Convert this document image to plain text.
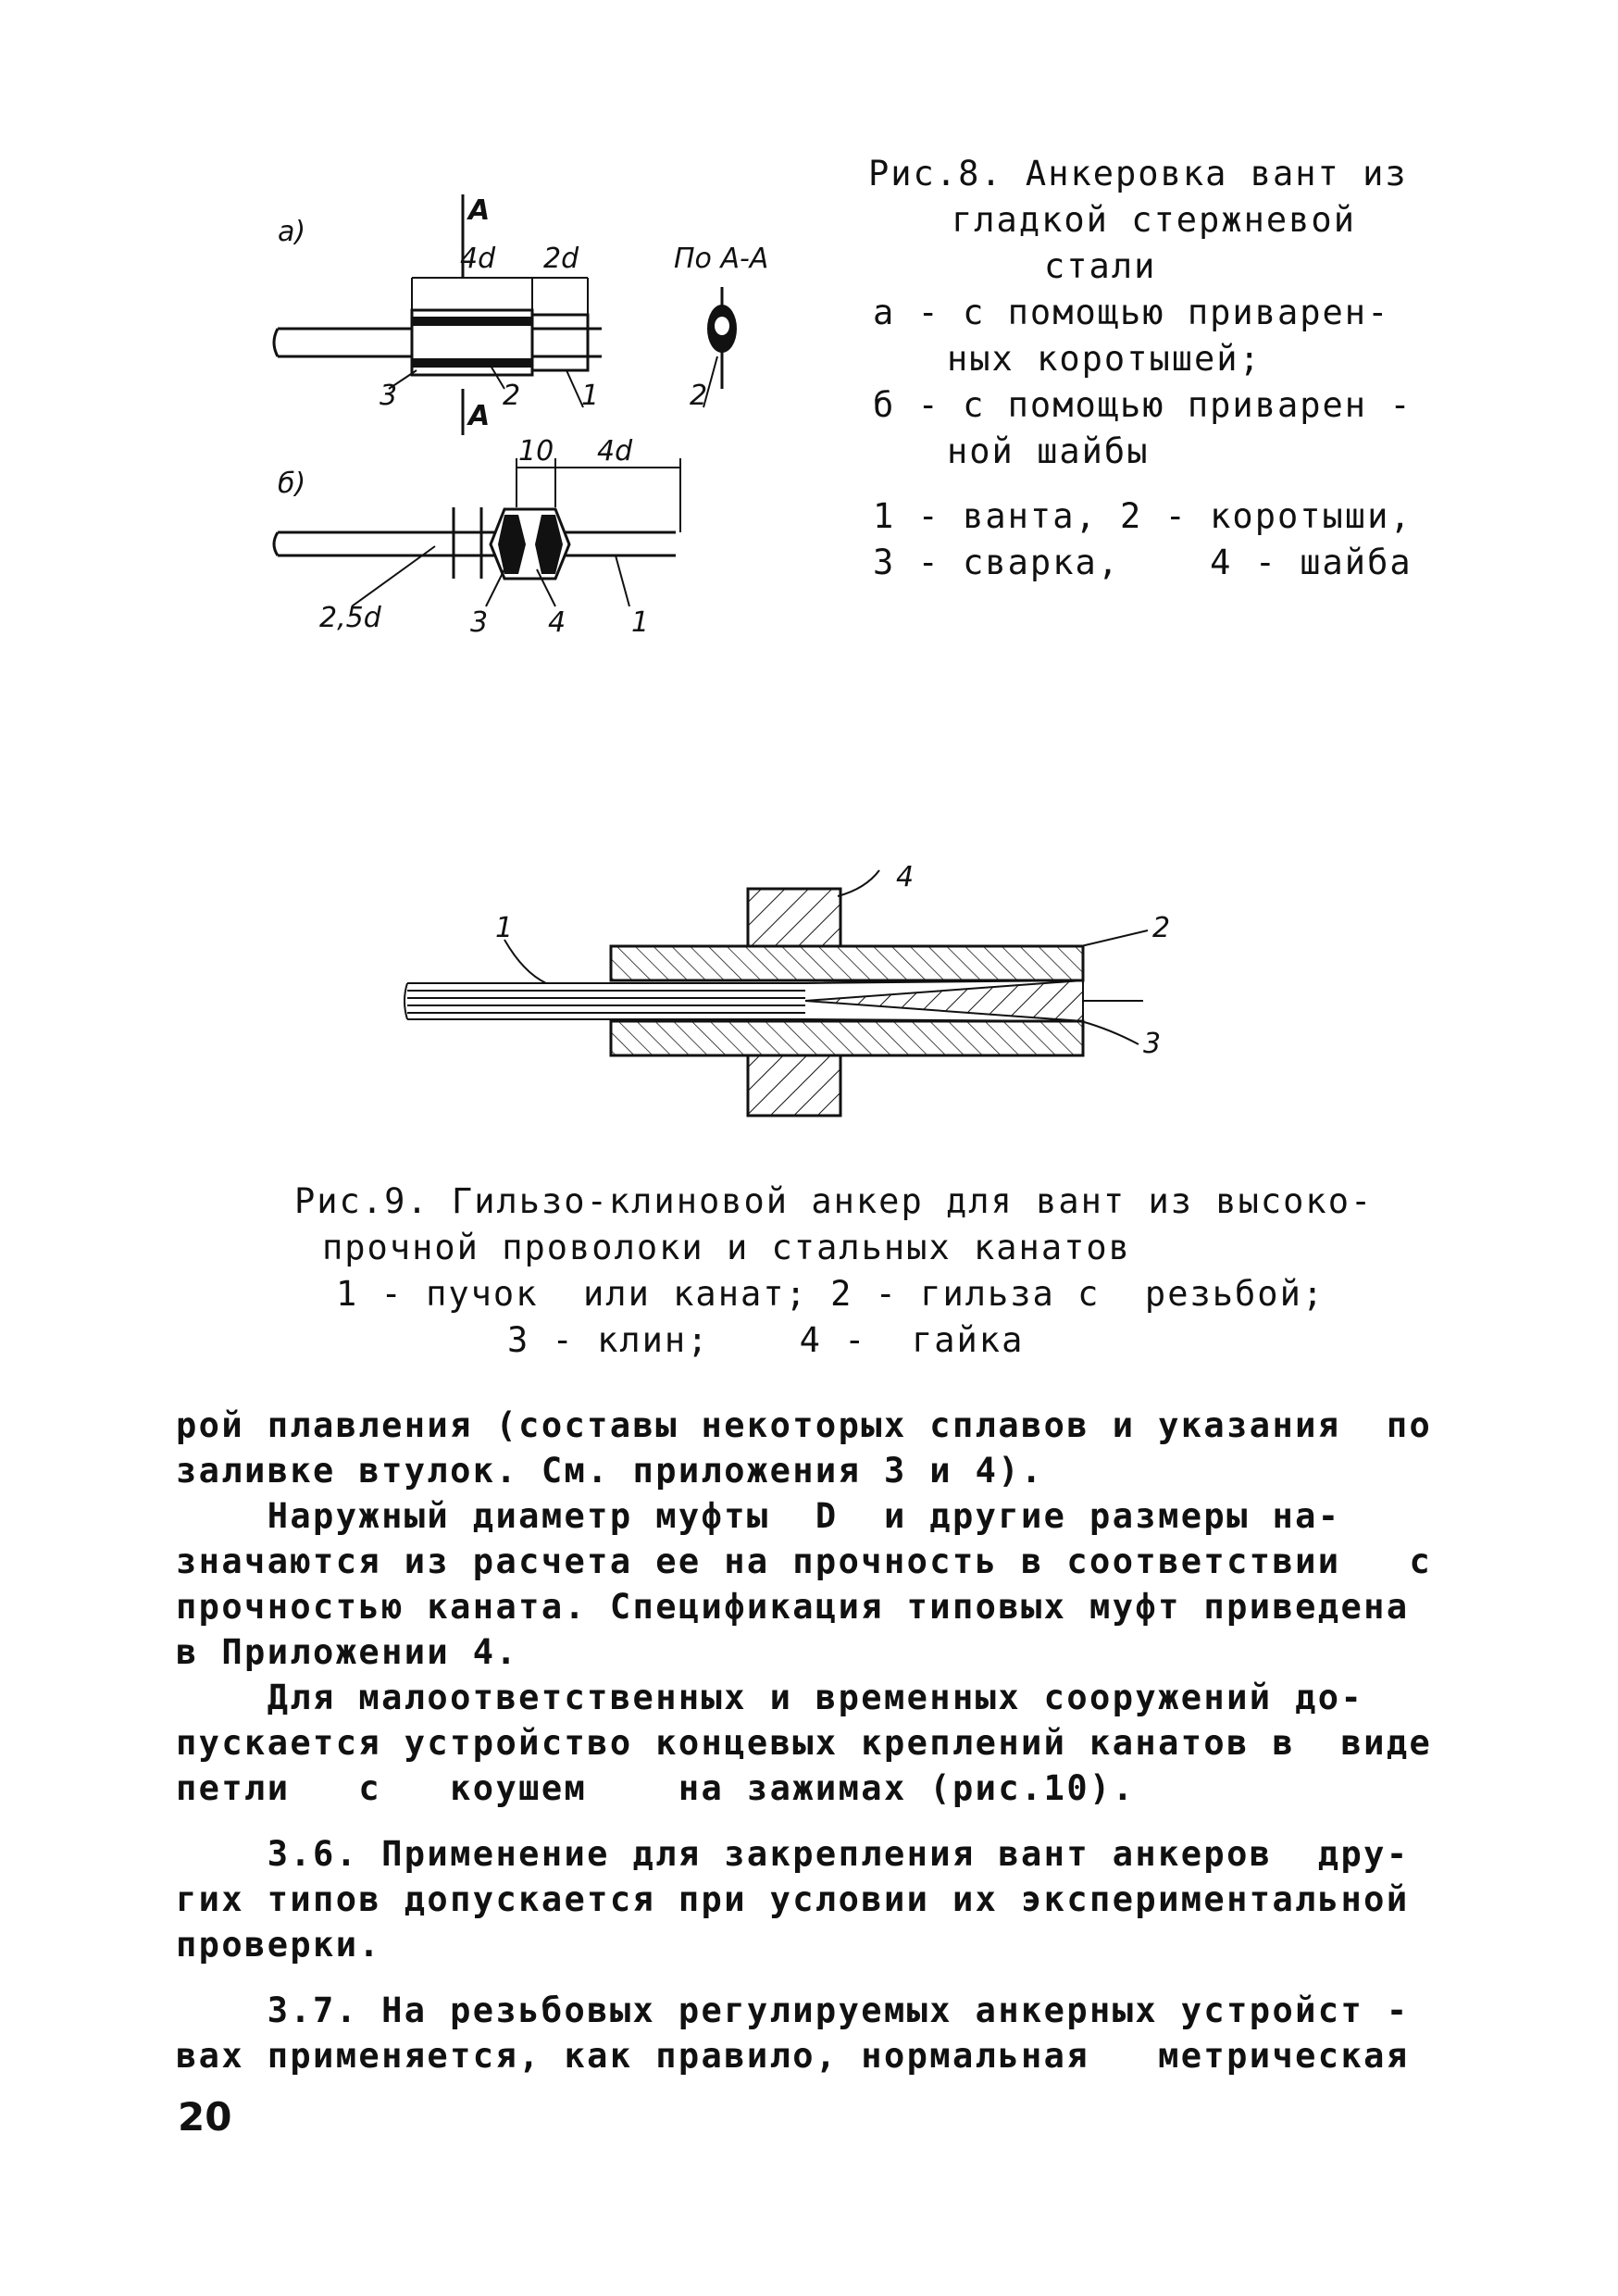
а)
А
4d 2d	По А-А
3	2 1
А
2
б)
10 4d
2,5d	3 4 1
Рис.8. Анкеровка вант из
гладкой стержневой
стали
а - с помощью приварен-
ных коротышей;
б - с помощью приварен -
ной шайбы
1 - ванта, 2 - коротыши,
3 - сварка,    4 - шайба
1	2
3
4
Рис.9. Гильзо-клиновой анкер для вант из высоко-
прочной проволоки и стальных канатов
1 - пучок  или канат; 2 - гильза с  резьбой;
3 - клин;    4 -  гайка
рой плавления (составы некоторых сплавов и указания  по
заливке втулок. См. приложения 3 и 4).
Наружный диаметр муфты  D  и другие размеры на-
значаются из расчета ее на прочность в соответствии   с
прочностью каната. Спецификация типовых муфт приведена
в Приложении 4.
Для малоответственных и временных сооружений до-
пускается устройство концевых креплений канатов в  виде
петли   с   коушем    на зажимах (рис.10).
3.6. Применение для закрепления вант анкеров  дру-
гих типов допускается при условии их экспериментальной
проверки.
3.7. На резьбовых регулируемых анкерных устройст -
вах применяется, как правило, нормальная   метрическая
20
